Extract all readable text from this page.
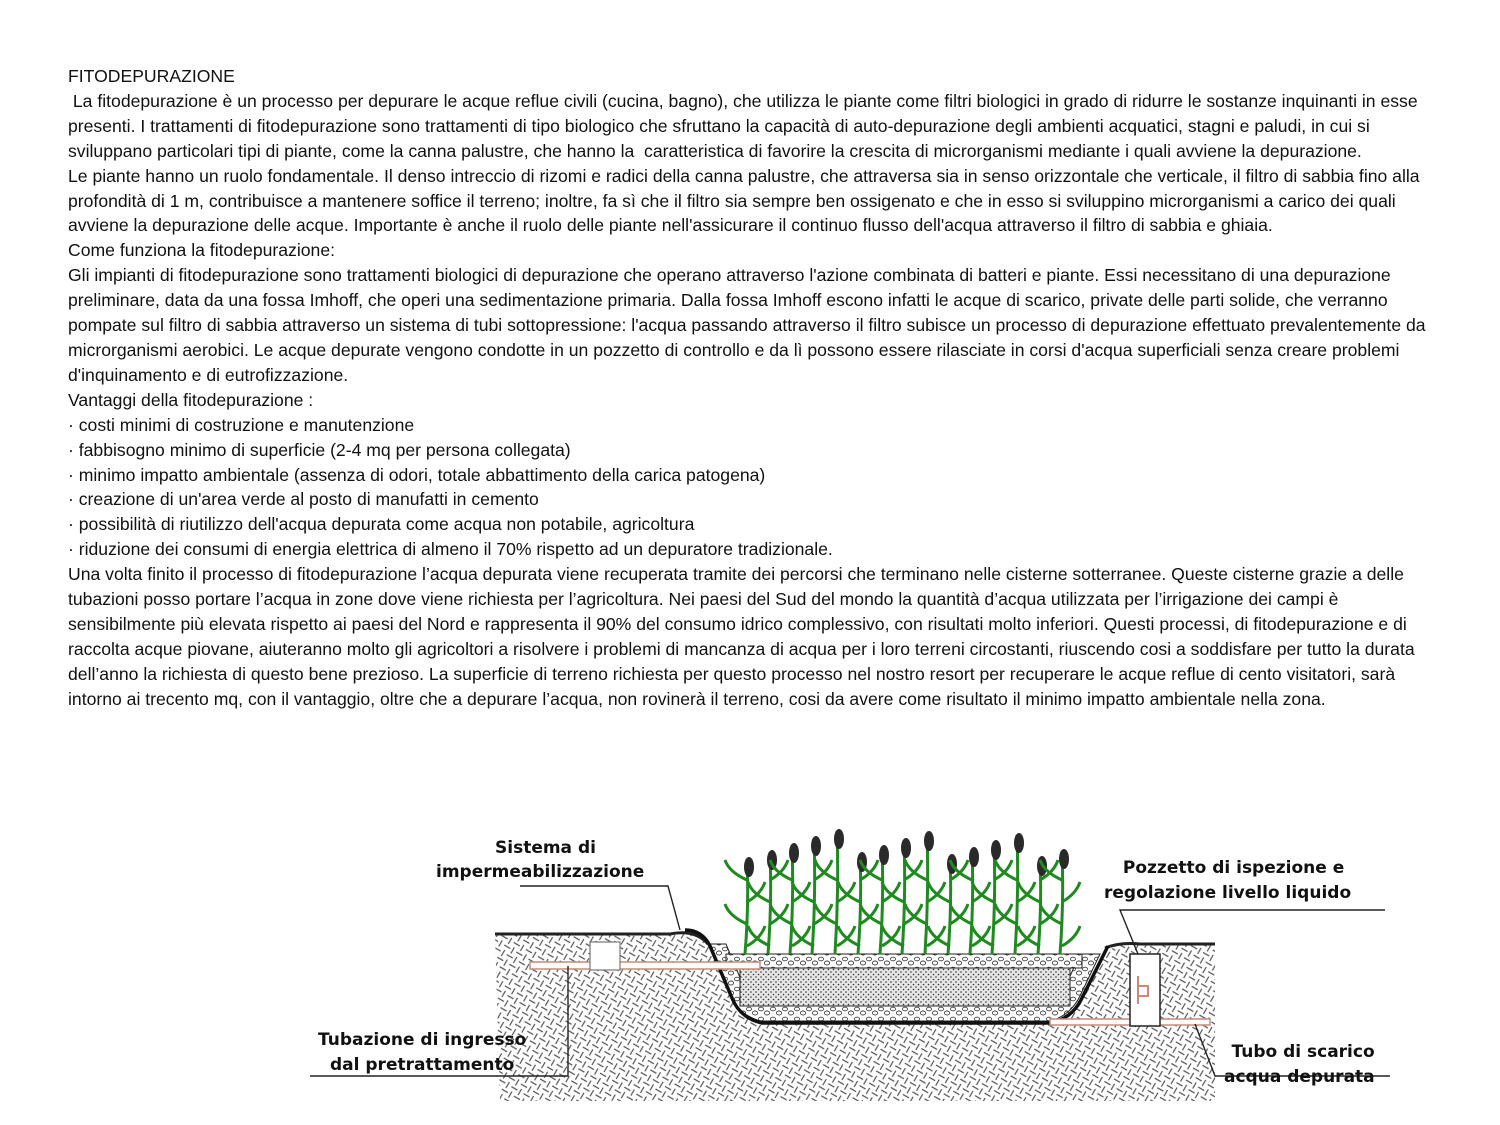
FITODEPURAZIONE

La fitodepurazione è un processo per depurare le acque reflue civili (cucina, bagno), che utilizza le piante come filtri biologici in grado di ridurre le sostanze inquinanti in esse presenti. I trattamenti di fitodepurazione sono trattamenti di tipo biologico che sfruttano la capacità di auto-depurazione degli ambienti acquatici, stagni e paludi, in cui si sviluppano particolari tipi di piante, come la canna palustre, che hanno la  caratteristica di favorire la crescita di microrganismi mediante i quali avviene la depurazione.

Le piante hanno un ruolo fondamentale. Il denso intreccio di rizomi e radici della canna palustre, che attraversa sia in senso orizzontale che verticale, il filtro di sabbia fino alla profondità di 1 m, contribuisce a mantenere soffice il terreno; inoltre, fa sì che il filtro sia sempre ben ossigenato e che in esso si sviluppino microrganismi a carico dei quali avviene la depurazione delle acque. Importante è anche il ruolo delle piante nell'assicurare il continuo flusso dell'acqua attraverso il filtro di sabbia e ghiaia.

Come funziona la fitodepurazione:

Gli impianti di fitodepurazione sono trattamenti biologici di depurazione che operano attraverso l'azione combinata di batteri e piante. Essi necessitano di una depurazione preliminare, data da una fossa Imhoff, che operi una sedimentazione primaria. Dalla fossa Imhoff escono infatti le acque di scarico, private delle parti solide, che verranno pompate sul filtro di sabbia attraverso un sistema di tubi sottopressione: l'acqua passando attraverso il filtro subisce un processo di depurazione effettuato prevalentemente da microrganismi aerobici. Le acque depurate vengono condotte in un pozzetto di controllo e da lì possono essere rilasciate in corsi d'acqua superficiali senza creare problemi d'inquinamento e di eutrofizzazione.

Vantaggi della fitodepurazione :

· costi minimi di costruzione e manutenzione

· fabbisogno minimo di superficie (2-4 mq per persona collegata)

· minimo impatto ambientale (assenza di odori, totale abbattimento della carica patogena)

· creazione di un'area verde al posto di manufatti in cemento

· possibilità di riutilizzo dell'acqua depurata come acqua non potabile, agricoltura

· riduzione dei consumi di energia elettrica di almeno il 70% rispetto ad un depuratore tradizionale.

Una volta finito il processo di fitodepurazione l’acqua depurata viene recuperata tramite dei percorsi che terminano nelle cisterne sotterranee. Queste cisterne grazie a delle tubazioni posso portare l’acqua in zone dove viene richiesta per l’agricoltura. Nei paesi del Sud del mondo la quantità d’acqua utilizzata per l’irrigazione dei campi è sensibilmente più elevata rispetto ai paesi del Nord e rappresenta il 90% del consumo idrico complessivo, con risultati molto inferiori. Questi processi, di fitodepurazione e di raccolta acque piovane, aiuteranno molto gli agricoltori a risolvere i problemi di mancanza di acqua per i loro terreni circostanti, riuscendo cosi a soddisfare per tutto la durata dell’anno la richiesta di questo bene prezioso. La superficie di terreno richiesta per questo processo nel nostro resort per recuperare le acque reflue di cento visitatori, sarà intorno ai trecento mq, con il vantaggio, oltre che a depurare l’acqua, non rovinerà il terreno, cosi da avere come risultato il minimo impatto ambientale nella zona.

Sistema di
impermeabilizzazione	Pozzetto di ispezione e
regolazione livello liquido
Tubazione di ingresso
dal pretrattamento
Tubo di scarico
acqua depurata
